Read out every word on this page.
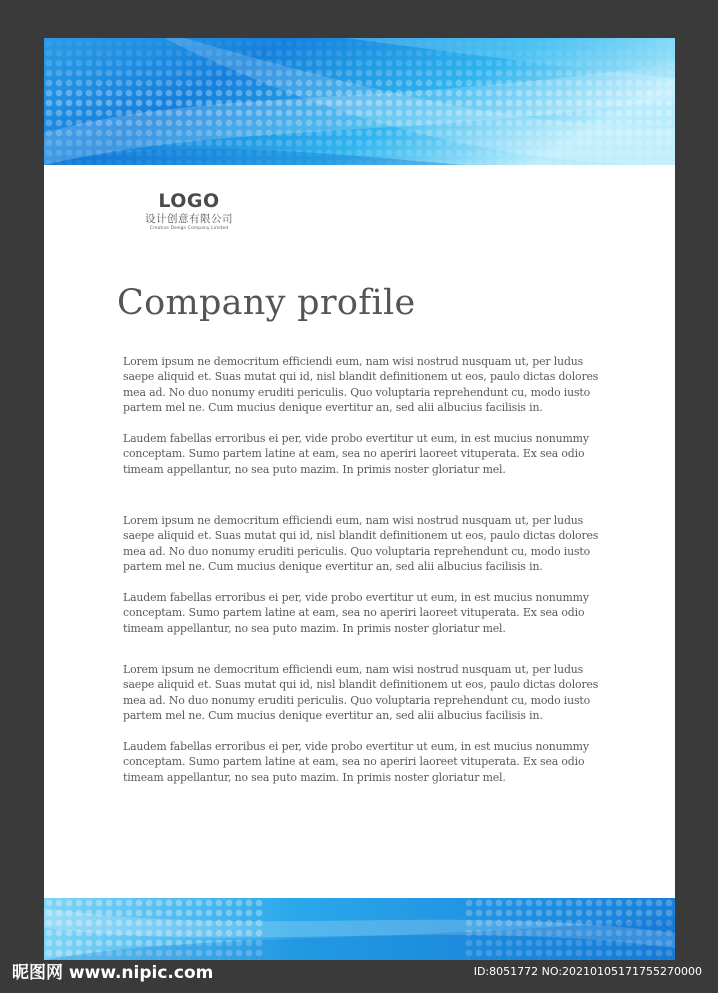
LOGO
设计创意有限公司
Creative Design Company Limited
Company profile

Lorem ipsum ne democritum efficiendi eum, nam wisi nostrud nusquam ut, per ludus saepe aliquid et. Suas mutat qui id, nisl blandit definitionem ut eos, paulo dictas dolores mea ad. No duo nonumy eruditi periculis. Quo voluptaria reprehendunt cu, modo iusto partem mel ne. Cum mucius denique evertitur an, sed alii albucius facilisis in.

Laudem fabellas erroribus ei per, vide probo evertitur ut eum, in est mucius nonummy conceptam. Sumo partem latine at eam, sea no aperiri laoreet vituperata. Ex sea odio timeam appellantur, no sea puto mazim. In primis noster gloriatur mel.

Lorem ipsum ne democritum efficiendi eum, nam wisi nostrud nusquam ut, per ludus saepe aliquid et. Suas mutat qui id, nisl blandit definitionem ut eos, paulo dictas dolores mea ad. No duo nonumy eruditi periculis. Quo voluptaria reprehendunt cu, modo iusto partem mel ne. Cum mucius denique evertitur an, sed alii albucius facilisis in.

Laudem fabellas erroribus ei per, vide probo evertitur ut eum, in est mucius nonummy conceptam. Sumo partem latine at eam, sea no aperiri laoreet vituperata. Ex sea odio timeam appellantur, no sea puto mazim. In primis noster gloriatur mel.

Lorem ipsum ne democritum efficiendi eum, nam wisi nostrud nusquam ut, per ludus saepe aliquid et. Suas mutat qui id, nisl blandit definitionem ut eos, paulo dictas dolores mea ad. No duo nonumy eruditi periculis. Quo voluptaria reprehendunt cu, modo iusto partem mel ne. Cum mucius denique evertitur an, sed alii albucius facilisis in.

Laudem fabellas erroribus ei per, vide probo evertitur ut eum, in est mucius nonummy conceptam. Sumo partem latine at eam, sea no aperiri laoreet vituperata. Ex sea odio timeam appellantur, no sea puto mazim. In primis noster gloriatur mel.

昵图网 www.nipic.com	ID:8051772 NO:20210105171755270000
